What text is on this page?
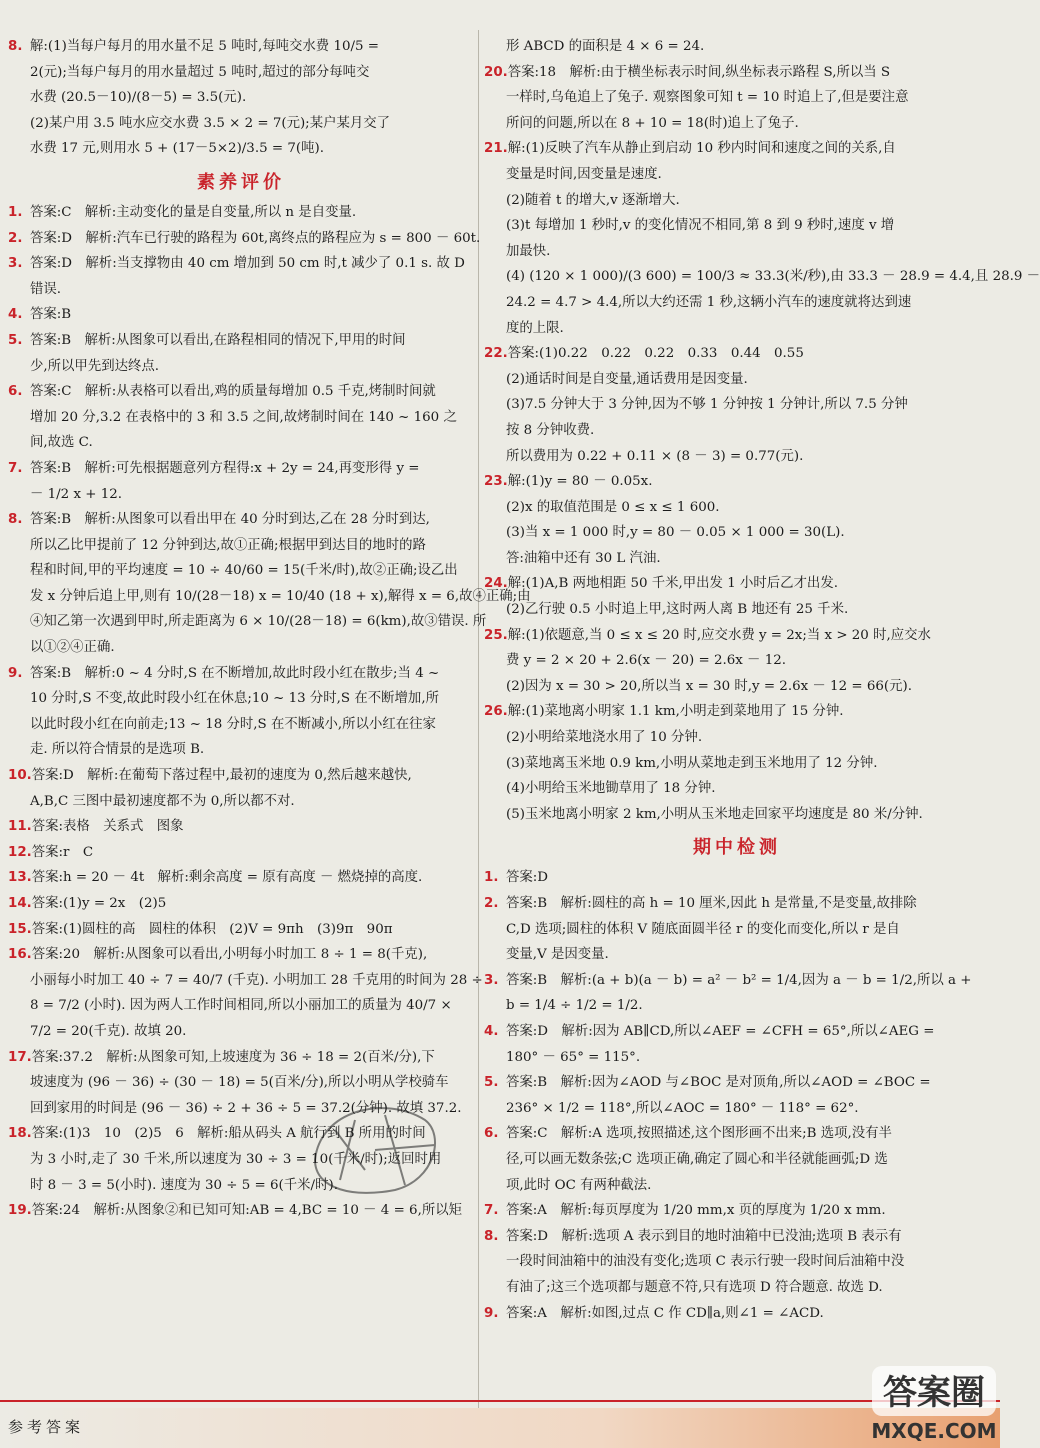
8. 解:(1)当每户每月的用水量不足 5 吨时,每吨交水费 10/5 =
2(元);当每户每月的用水量超过 5 吨时,超过的部分每吨交
水费 (20.5－10)/(8－5) = 3.5(元).
(2)某户用 3.5 吨水应交水费 3.5 × 2 = 7(元);某户某月交了
水费 17 元,则用水 5 + (17－5×2)/3.5 = 7(吨).
素养评价
1. 答案:C　解析:主动变化的量是自变量,所以 n 是自变量.
2. 答案:D　解析:汽车已行驶的路程为 60t,离终点的路程应为 s = 800 － 60t.
3. 答案:D　解析:当支撑物由 40 cm 增加到 50 cm 时,t 减少了 0.1 s. 故 D
错误.
4. 答案:B
5. 答案:B　解析:从图象可以看出,在路程相同的情况下,甲用的时间
少,所以甲先到达终点.
6. 答案:C　解析:从表格可以看出,鸡的质量每增加 0.5 千克,烤制时间就
增加 20 分,3.2 在表格中的 3 和 3.5 之间,故烤制时间在 140 ~ 160 之
间,故选 C.
7. 答案:B　解析:可先根据题意列方程得:x + 2y = 24,再变形得 y =
－ 1/2 x + 12.
8. 答案:B　解析:从图象可以看出甲在 40 分时到达,乙在 28 分时到达,
所以乙比甲提前了 12 分钟到达,故①正确;根据甲到达目的地时的路
程和时间,甲的平均速度 = 10 ÷ 40/60 = 15(千米/时),故②正确;设乙出
发 x 分钟后追上甲,则有 10/(28－18) x = 10/40 (18 + x),解得 x = 6,故④正确;由
④知乙第一次遇到甲时,所走距离为 6 × 10/(28－18) = 6(km),故③错误. 所
以①②④正确.
9. 答案:B　解析:0 ~ 4 分时,S 在不断增加,故此时段小红在散步;当 4 ~
10 分时,S 不变,故此时段小红在休息;10 ~ 13 分时,S 在不断增加,所
以此时段小红在向前走;13 ~ 18 分时,S 在不断减小,所以小红在往家
走. 所以符合情景的是选项 B.
10.答案:D　解析:在葡萄下落过程中,最初的速度为 0,然后越来越快,
A,B,C 三图中最初速度都不为 0,所以都不对.
11.答案:表格　关系式　图象
12.答案:r　C
13.答案:h = 20 － 4t　解析:剩余高度 = 原有高度 － 燃烧掉的高度.
14.答案:(1)y = 2x　(2)5
15.答案:(1)圆柱的高　圆柱的体积　(2)V = 9πh　(3)9π　90π
16.答案:20　解析:从图象可以看出,小明每小时加工 8 ÷ 1 = 8(千克),
小丽每小时加工 40 ÷ 7 = 40/7 (千克). 小明加工 28 千克用的时间为 28 ÷
8 = 7/2 (小时). 因为两人工作时间相同,所以小丽加工的质量为 40/7 ×
7/2 = 20(千克). 故填 20.
17.答案:37.2　解析:从图象可知,上坡速度为 36 ÷ 18 = 2(百米/分),下
坡速度为 (96 － 36) ÷ (30 － 18) = 5(百米/分),所以小明从学校骑车
回到家用的时间是 (96 － 36) ÷ 2 + 36 ÷ 5 = 37.2(分钟). 故填 37.2.
18.答案:(1)3　10　(2)5　6　解析:船从码头 A 航行到 B 所用的时间
为 3 小时,走了 30 千米,所以速度为 30 ÷ 3 = 10(千米/时);返回时用
时 8 － 3 = 5(小时). 速度为 30 ÷ 5 = 6(千米/时).
19.答案:24　解析:从图象②和已知可知:AB = 4,BC = 10 － 4 = 6,所以矩
形 ABCD 的面积是 4 × 6 = 24.
20.答案:18　解析:由于横坐标表示时间,纵坐标表示路程 S,所以当 S
一样时,乌龟追上了兔子. 观察图象可知 t = 10 时追上了,但是要注意
所问的问题,所以在 8 + 10 = 18(时)追上了兔子.
21.解:(1)反映了汽车从静止到启动 10 秒内时间和速度之间的关系,自
变量是时间,因变量是速度.
(2)随着 t 的增大,v 逐渐增大.
(3)t 每增加 1 秒时,v 的变化情况不相同,第 8 到 9 秒时,速度 v 增
加最快.
(4) (120 × 1 000)/(3 600) = 100/3 ≈ 33.3(米/秒),由 33.3 － 28.9 = 4.4,且 28.9 －
24.2 = 4.7 > 4.4,所以大约还需 1 秒,这辆小汽车的速度就将达到速
度的上限.
22.答案:(1)0.22　0.22　0.22　0.33　0.44　0.55
(2)通话时间是自变量,通话费用是因变量.
(3)7.5 分钟大于 3 分钟,因为不够 1 分钟按 1 分钟计,所以 7.5 分钟
按 8 分钟收费.
所以费用为 0.22 + 0.11 × (8 － 3) = 0.77(元).
23.解:(1)y = 80 － 0.05x.
(2)x 的取值范围是 0 ≤ x ≤ 1 600.
(3)当 x = 1 000 时,y = 80 － 0.05 × 1 000 = 30(L).
答:油箱中还有 30 L 汽油.
24.解:(1)A,B 两地相距 50 千米,甲出发 1 小时后乙才出发.
(2)乙行驶 0.5 小时追上甲,这时两人离 B 地还有 25 千米.
25.解:(1)依题意,当 0 ≤ x ≤ 20 时,应交水费 y = 2x;当 x > 20 时,应交水
费 y = 2 × 20 + 2.6(x － 20) = 2.6x － 12.
(2)因为 x = 30 > 20,所以当 x = 30 时,y = 2.6x － 12 = 66(元).
26.解:(1)菜地离小明家 1.1 km,小明走到菜地用了 15 分钟.
(2)小明给菜地浇水用了 10 分钟.
(3)菜地离玉米地 0.9 km,小明从菜地走到玉米地用了 12 分钟.
(4)小明给玉米地锄草用了 18 分钟.
(5)玉米地离小明家 2 km,小明从玉米地走回家平均速度是 80 米/分钟.
期中检测
1. 答案:D
2. 答案:B　解析:圆柱的高 h = 10 厘米,因此 h 是常量,不是变量,故排除
C,D 选项;圆柱的体积 V 随底面圆半径 r 的变化而变化,所以 r 是自
变量,V 是因变量.
3. 答案:B　解析:(a + b)(a － b) = a² － b² = 1/4,因为 a － b = 1/2,所以 a +
b = 1/4 ÷ 1/2 = 1/2.
4. 答案:D　解析:因为 AB∥CD,所以∠AEF = ∠CFH = 65°,所以∠AEG =
180° － 65° = 115°.
5. 答案:B　解析:因为∠AOD 与∠BOC 是对顶角,所以∠AOD = ∠BOC =
236° × 1/2 = 118°,所以∠AOC = 180° － 118° = 62°.
6. 答案:C　解析:A 选项,按照描述,这个图形画不出来;B 选项,没有半
径,可以画无数条弦;C 选项正确,确定了圆心和半径就能画弧;D 选
项,此时 OC 有两种截法.
7. 答案:A　解析:每页厚度为 1/20 mm,x 页的厚度为 1/20 x mm.
8. 答案:D　解析:选项 A 表示到目的地时油箱中已没油;选项 B 表示有
一段时间油箱中的油没有变化;选项 C 表示行驶一段时间后油箱中没
有油了;这三个选项都与题意不符,只有选项 D 符合题意. 故选 D.
9. 答案:A　解析:如图,过点 C 作 CD∥a,则∠1 = ∠ACD.
参考答案
答案圈
MXQE.COM
